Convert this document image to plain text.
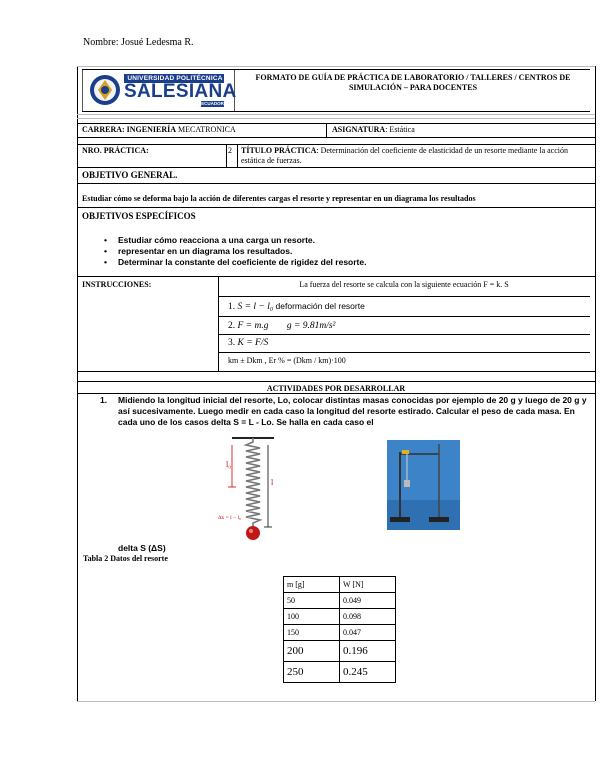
Nombre: Josué Ledesma R.
UNIVERSIDAD POLITÉCNICA
SALESIANA
ECUADOR
FORMATO DE GUÍA DE PRÁCTICA DE LABORATORIO / TALLERES / CENTROS DE SIMULACIÓN – PARA DOCENTES
CARRERA: INGENIERÍA MECATRONICA	ASIGNATURA: Estática
NRO. PRÁCTICA:	2 TÍTULO PRÁCTICA: Determinación del coeficiente de elasticidad de un resorte mediante la acción estática de fuerzas.
OBJETIVO GENERAL.
Estudiar cómo se deforma bajo la acción de diferentes cargas el resorte y representar en un diagrama los resultados
OBJETIVOS ESPECÍFICOS
• Estudiar cómo reacciona a una carga un resorte.
• representar en un diagrama los resultados.
• Determinar la constante del coeficiente de rigidez del resorte.
INSTRUCCIONES:	La fuerza del resorte se calcula con la siguiente ecuación F = k. S
1. S = l − l₀ deformación del resorte
2. F = m.g g = 9.81m/s²
3. K = F/S
km ± Dkm , Er % = (Dkm / km)·100
ACTIVIDADES POR DESARROLLAR
1. Midiendo la longitud inicial del resorte, Lo, colocar distintas masas conocidas por ejemplo de 20 g y luego de 20 g y así sucesivamente. Luego medir en cada caso la longitud del resorte estirado. Calcular el peso de cada masa. En cada uno de los casos delta S = L - Lo. Se halla en cada caso el
l₀
l
Δx = l − l₀
delta S (ΔS)
Tabla 2 Datos del resorte
m [g]	W [N]
50	0.049
100	0.098
150	0.047
200	0.196
250	0.245
